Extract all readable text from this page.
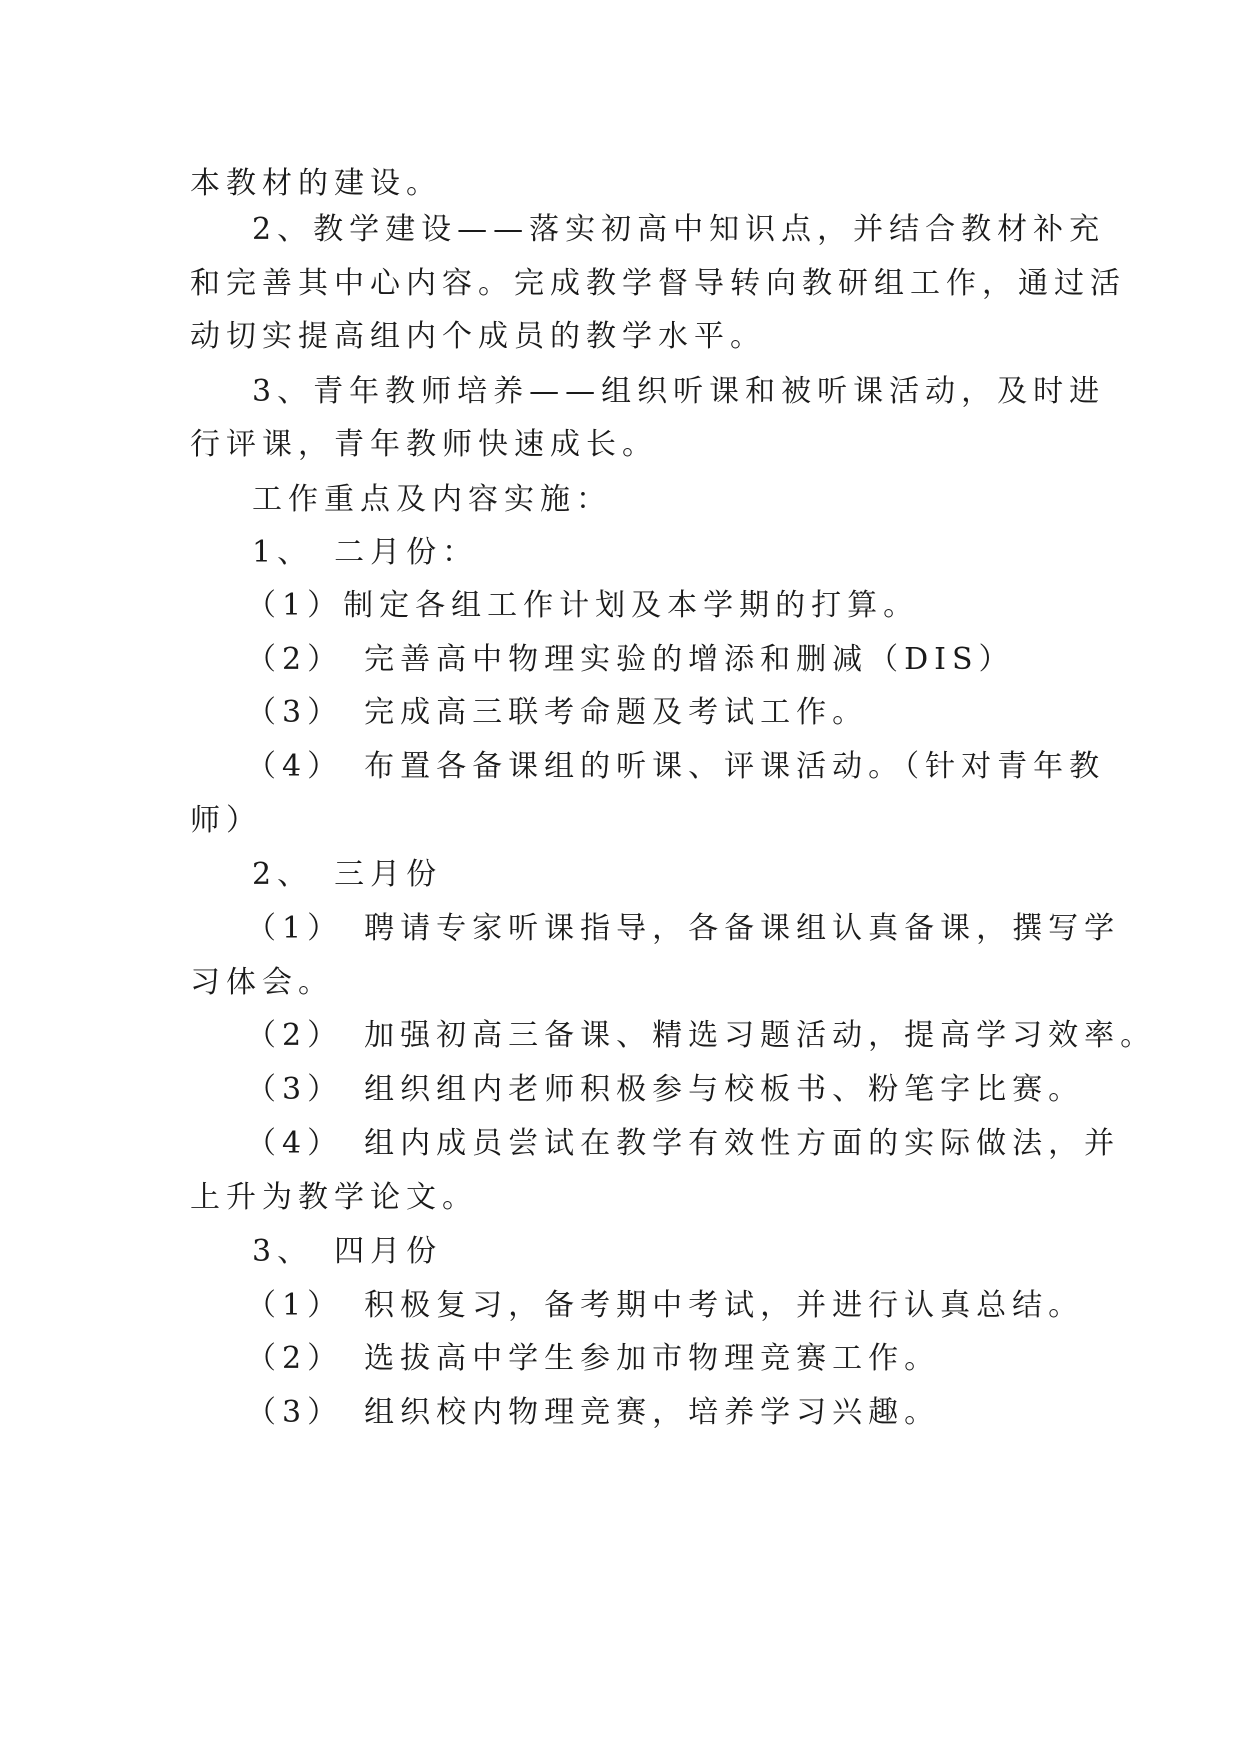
本教材的建设。
2、教学建设——落实初高中知识点，并结合教材补充
和完善其中心内容。完成教学督导转向教研组工作，通过活
动切实提高组内个成员的教学水平。
3、青年教师培养——组织听课和被听课活动，及时进
行评课，青年教师快速成长。
工作重点及内容实施：
1、　二月份：
（1）制定各组工作计划及本学期的打算。
（2）　完善高中物理实验的增添和删减（DIS）
（3）　完成高三联考命题及考试工作。
（4）　布置各备课组的听课、评课活动。（针对青年教
师）
2、　三月份
（1）　聘请专家听课指导，各备课组认真备课，撰写学
习体会。
（2）　加强初高三备课、精选习题活动，提高学习效率。
（3）　组织组内老师积极参与校板书、粉笔字比赛。
（4）　组内成员尝试在教学有效性方面的实际做法，并
上升为教学论文。
3、　四月份
（1）　积极复习，备考期中考试，并进行认真总结。
（2）　选拔高中学生参加市物理竞赛工作。
（3）　组织校内物理竞赛，培养学习兴趣。
